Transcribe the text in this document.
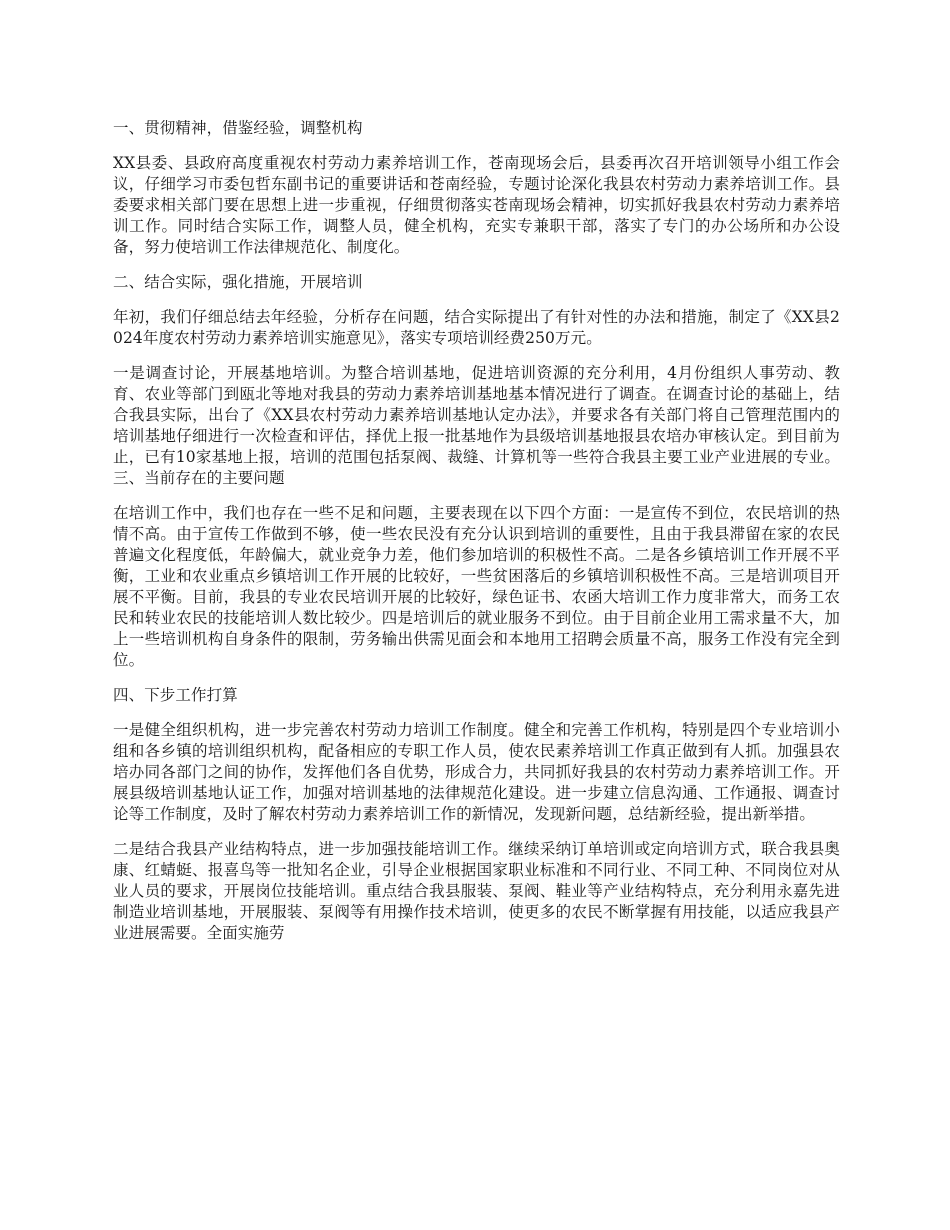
一、贯彻精神，借鉴经验，调整机构

XX县委、县政府高度重视农村劳动力素养培训工作，苍南现场会后，县委再次召开培训领导小组工作会议，仔细学习市委包哲东副书记的重要讲话和苍南经验，专题讨论深化我县农村劳动力素养培训工作。县委要求相关部门要在思想上进一步重视，仔细贯彻落实苍南现场会精神，切实抓好我县农村劳动力素养培训工作。同时结合实际工作，调整人员，健全机构，充实专兼职干部，落实了专门的办公场所和办公设备，努力使培训工作法律规范化、制度化。

二、结合实际，强化措施，开展培训

年初，我们仔细总结去年经验，分析存在问题，结合实际提出了有针对性的办法和措施，制定了《XX县2024年度农村劳动力素养培训实施意见》，落实专项培训经费250万元。

一是调查讨论，开展基地培训。为整合培训基地，促进培训资源的充分利用，4月份组织人事劳动、教育、农业等部门到瓯北等地对我县的劳动力素养培训基地基本情况进行了调查。在调查讨论的基础上，结合我县实际，出台了《XX县农村劳动力素养培训基地认定办法》，并要求各有关部门将自己管理范围内的培训基地仔细进行一次检查和评估，择优上报一批基地作为县级培训基地报县农培办审核认定。到目前为止，已有10家基地上报，培训的范围包括泵阀、裁缝、计算机等一些符合我县主要工业产业进展的专业。三、当前存在的主要问题

在培训工作中，我们也存在一些不足和问题，主要表现在以下四个方面：一是宣传不到位，农民培训的热情不高。由于宣传工作做到不够，使一些农民没有充分认识到培训的重要性，且由于我县滞留在家的农民普遍文化程度低，年龄偏大，就业竞争力差，他们参加培训的积极性不高。二是各乡镇培训工作开展不平衡，工业和农业重点乡镇培训工作开展的比较好，一些贫困落后的乡镇培训积极性不高。三是培训项目开展不平衡。目前，我县的专业农民培训开展的比较好，绿色证书、农函大培训工作力度非常大，而务工农民和转业农民的技能培训人数比较少。四是培训后的就业服务不到位。由于目前企业用工需求量不大，加上一些培训机构自身条件的限制，劳务输出供需见面会和本地用工招聘会质量不高，服务工作没有完全到位。

四、下步工作打算

一是健全组织机构，进一步完善农村劳动力培训工作制度。健全和完善工作机构，特别是四个专业培训小组和各乡镇的培训组织机构，配备相应的专职工作人员，使农民素养培训工作真正做到有人抓。加强县农培办同各部门之间的协作，发挥他们各自优势，形成合力，共同抓好我县的农村劳动力素养培训工作。开展县级培训基地认证工作，加强对培训基地的法律规范化建设。进一步建立信息沟通、工作通报、调查讨论等工作制度，及时了解农村劳动力素养培训工作的新情况，发现新问题，总结新经验，提出新举措。

二是结合我县产业结构特点，进一步加强技能培训工作。继续采纳订单培训或定向培训方式，联合我县奥康、红蜻蜓、报喜鸟等一批知名企业，引导企业根据国家职业标准和不同行业、不同工种、不同岗位对从业人员的要求，开展岗位技能培训。重点结合我县服装、泵阀、鞋业等产业结构特点，充分利用永嘉先进制造业培训基地，开展服装、泵阀等有用操作技术培训，使更多的农民不断掌握有用技能，以适应我县产业进展需要。全面实施劳
